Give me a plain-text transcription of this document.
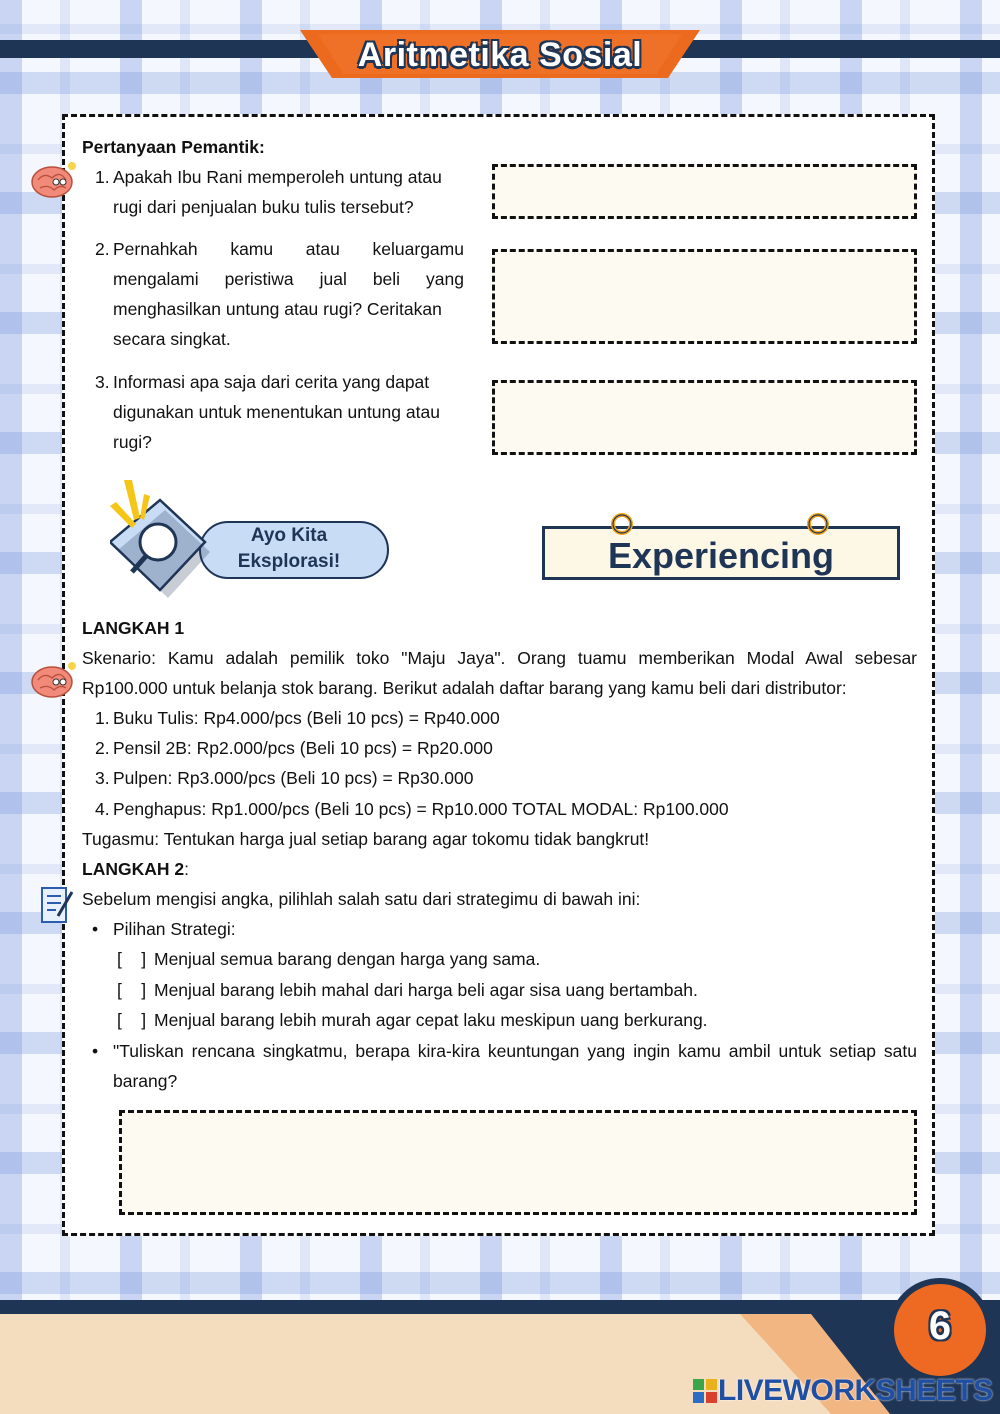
Aritmetika Sosial
Pertanyaan Pemantik:
1. Apakah Ibu Rani memperoleh untung atau
rugi dari penjualan buku tulis tersebut?
2. Pernahkah kamu atau keluargamu
mengalami peristiwa jual beli yang
menghasilkan untung atau rugi? Ceritakan
secara singkat.
3. Informasi apa saja dari cerita yang dapat
digunakan untuk menentukan untung atau
rugi?
Ayo Kita
Eksplorasi!	Experiencing
LANGKAH 1
Skenario: Kamu adalah pemilik toko "Maju Jaya". Orang tuamu memberikan Modal Awal sebesar Rp100.000 untuk belanja stok barang. Berikut adalah daftar barang yang kamu beli dari distributor:
1. Buku Tulis: Rp4.000/pcs (Beli 10 pcs) = Rp40.000
2. Pensil 2B: Rp2.000/pcs (Beli 10 pcs) = Rp20.000
3. Pulpen: Rp3.000/pcs (Beli 10 pcs) = Rp30.000
4. Penghapus: Rp1.000/pcs (Beli 10 pcs) = Rp10.000 TOTAL MODAL: Rp100.000
Tugasmu: Tentukan harga jual setiap barang agar tokomu tidak bangkrut!
LANGKAH 2:
Sebelum mengisi angka, pilihlah salah satu dari strategimu di bawah ini:
• Pilihan Strategi:
[    ] Menjual semua barang dengan harga yang sama.
[    ] Menjual barang lebih mahal dari harga beli agar sisa uang bertambah.
[    ] Menjual barang lebih murah agar cepat laku meskipun uang berkurang.
• "Tuliskan rencana singkatmu, berapa kira-kira keuntungan yang ingin kamu ambil untuk setiap satu barang?
6
LIVEWORKSHEETS
